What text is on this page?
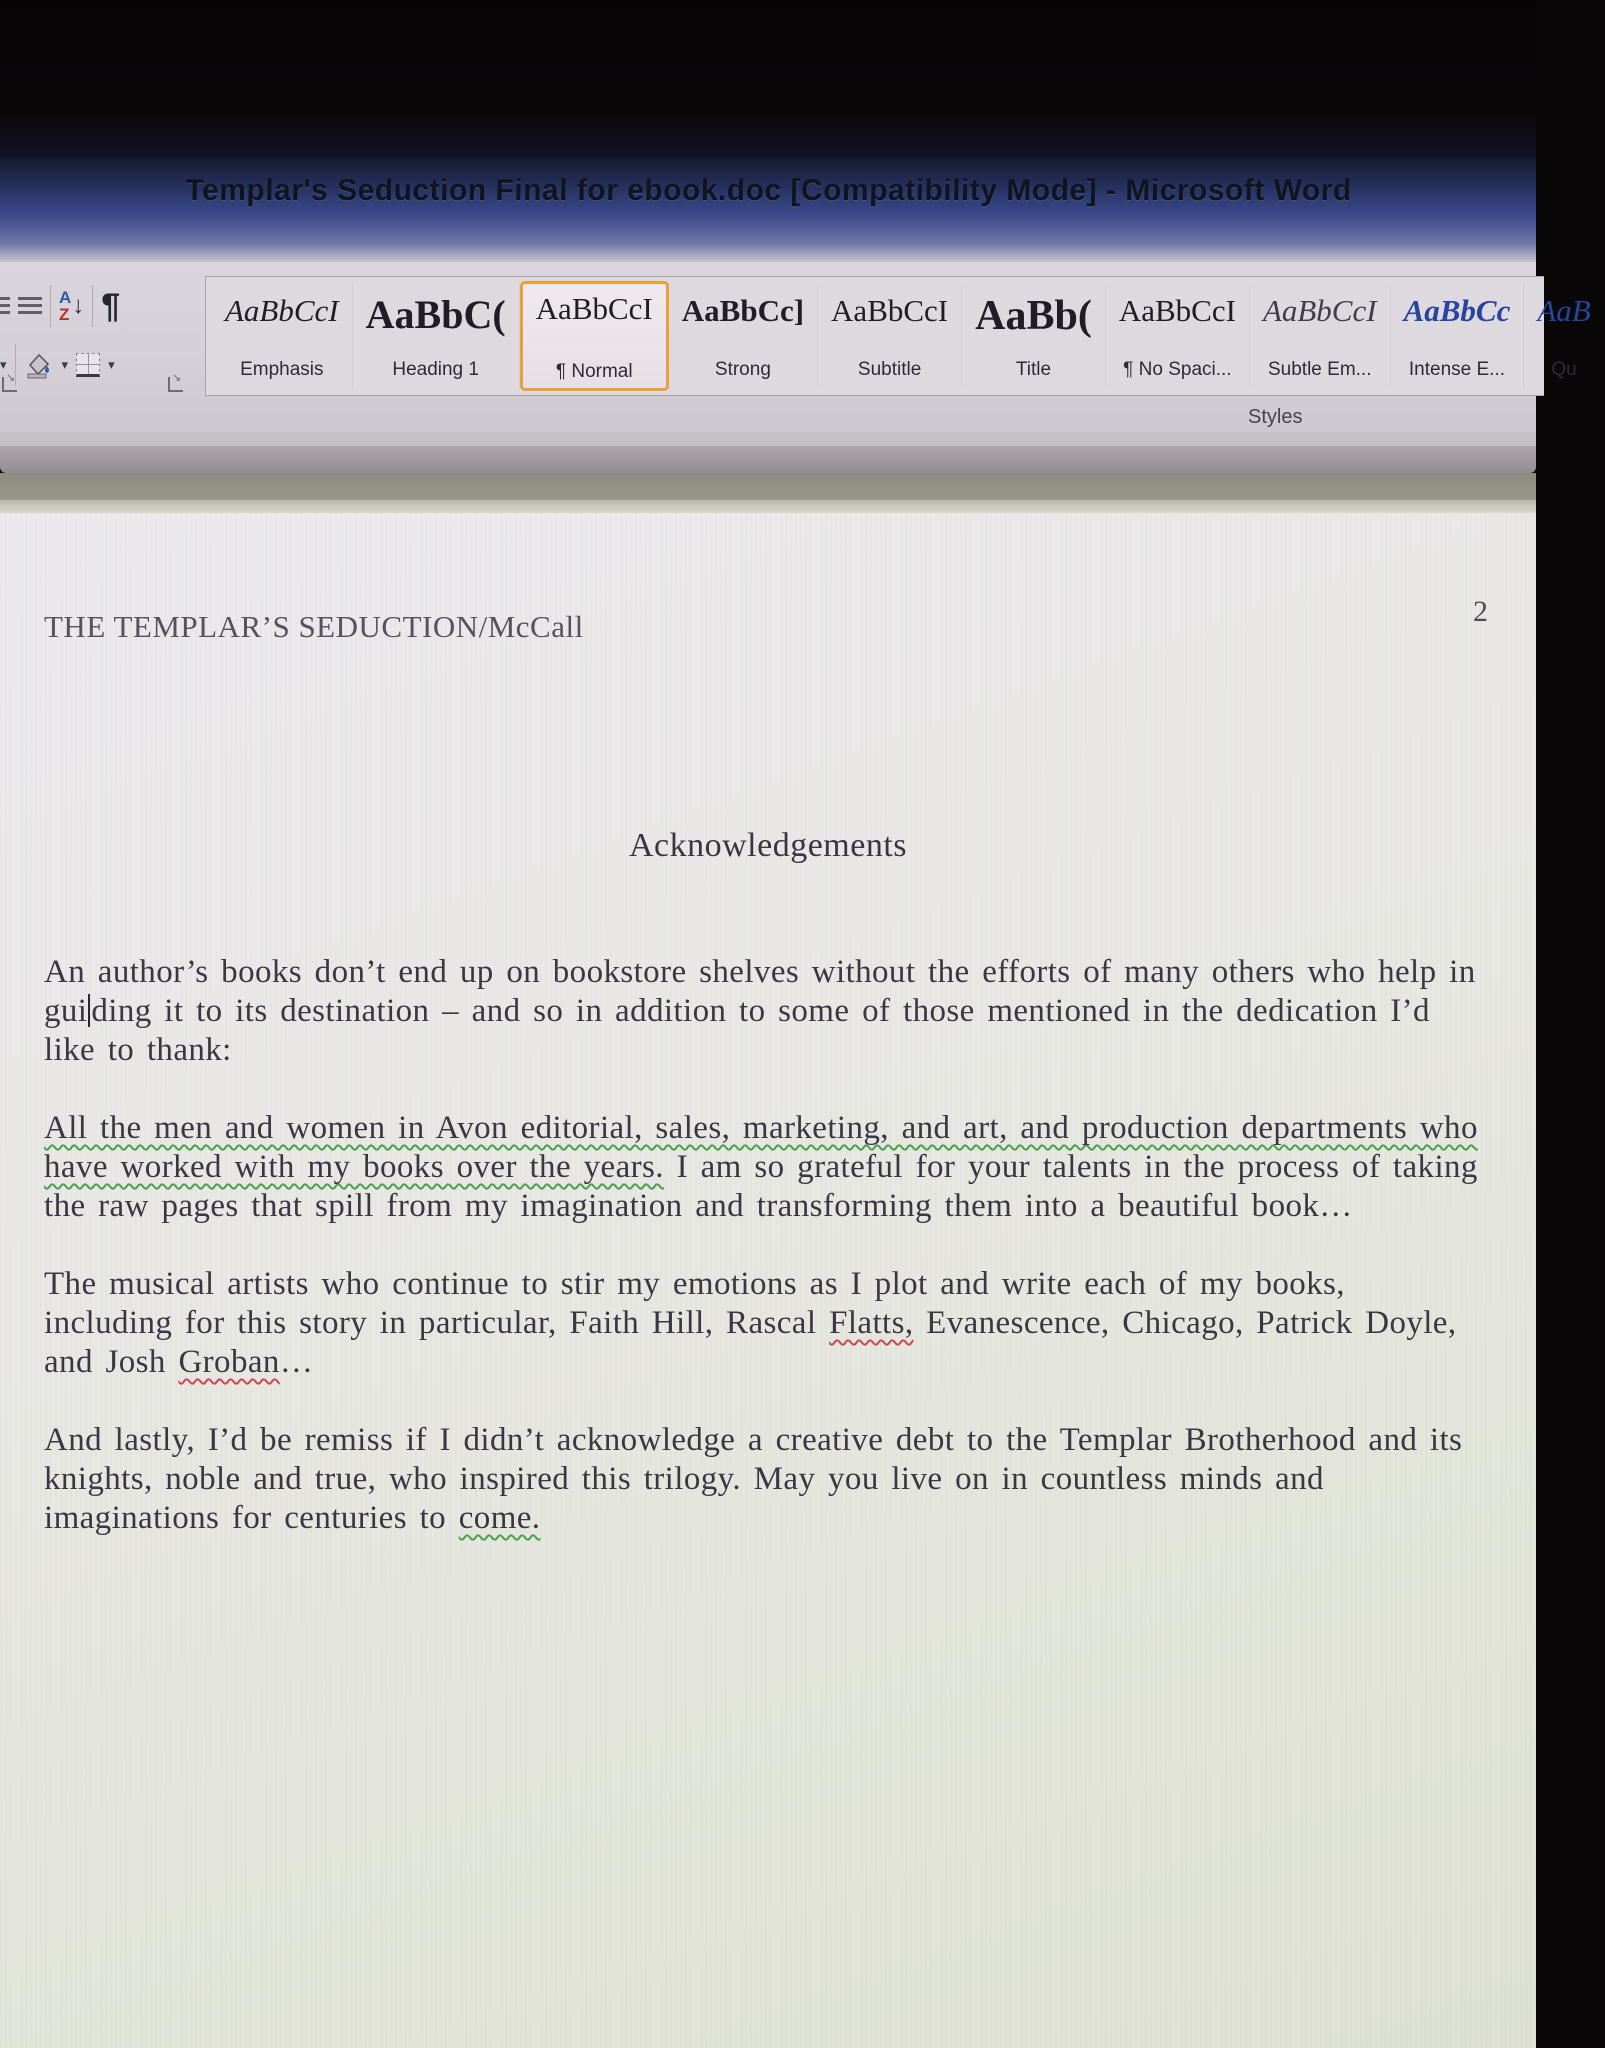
Templar's Seduction Final for ebook.doc [Compatibility Mode] - Microsoft Word
A
Z ↓ ¶
▾	▾	▾
↘
↘
AaBbCcI
Emphasis
AaBbC(
Heading 1
AaBbCcI
¶ Normal
AaBbCc]
Strong
AaBbCcI
Subtitle
AaBb(
Title
AaBbCcI
¶ No Spaci...
AaBbCcI
Subtle Em...
AaBbCc
Intense E...
AaB
Qu
Styles
THE TEMPLAR’S SEDUCTION/McCall	2
Acknowledgements

An author’s books don’t end up on bookstore shelves without the efforts of many others who help in gui ding it to its destination – and so in addition to some of those mentioned in the dedication I’d like to thank:

All the men and women in Avon editorial, sales, marketing, and art, and production departments who have worked with my books over the years. I am so grateful for your talents in the process of taking the raw pages that spill from my imagination and transforming them into a beautiful book…

The musical artists who continue to stir my emotions as I plot and write each of my books, including for this story in particular, Faith Hill, Rascal Flatts, Evanescence, Chicago, Patrick Doyle, and Josh Groban…

And lastly, I’d be remiss if I didn’t acknowledge a creative debt to the Templar Brotherhood and its knights, noble and true, who inspired this trilogy. May you live on in countless minds and imaginations for centuries to come.
